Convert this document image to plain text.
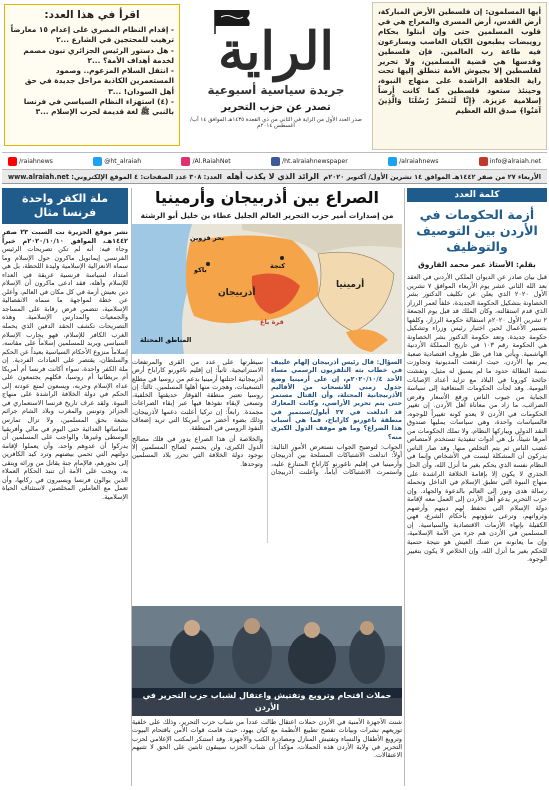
أيها المسلمون: إن فلسطين الأرض المباركة، أرض القدس، أرض المسرى والمعراج هي في قلوب المسلمين حتى وإن أبتلوا بحكام رويبضات يطبعون الكيان الغاصب ويسارعون فيه طاعة رب العالمين. فإن فلسطين وقدسها هي قضية المسلمين، ولا تحرير لفلسطين إلا بجيوش الأمة تنطلق إليها تحت راية الخلافة الراشدة على منهاج النبوة، وحينئذ ستعود فلسطين كما كانت أرضاً إسلامية عزيزة. ﴿إِنَّا لَنَنصُرُ رُسُلَنَا وَالَّذِينَ آمَنُوا﴾ صدق الله العظيم

الراية
جريدة سياسية أسبوعية
تصدر عن حزب التحرير
صدر العدد الأول من الراية في الثاني من ذي القعدة ١٤٣٥هـ الموافق ١٤ آب/أغسطس ٢٠١٤م
اقرأ في هذا العدد:
- إقدام النظام المصري على إعدام ١٥ معارضاً ترهيب للمحتجين في الشارع ...٢
- هل دستور الرئيس الجزائري تبون مصمم لخدمة أهداف الأمة؟ ...٢
- انتقل السلام المزعوم.. وصمود المستعمرين الكاذبة مراحل جديدة في حق أهل السودان! ...٣
- (٤) استهزاء النظام السياسي في فرنسا بالنبي ﷺ لغة قديمة لحرب الإسلام ...٣
info@alraiah.net
/alraiahnews
/ht.alraiahnewspaper
/Al.RaiahNet
@ht_alraiah
/raiahnews
الأربعاء ٢٧ من صفر ١٤٤٢هـ الموافق ١٤ تشرين الأول/ أكتوبر ٢٠٢٠م
الرائد الذي لا يكذب أهله
العدد: ٣٠٨ عدد الصفحات: ٤ الموقع الإلكتروني: www.alraiah.net
كلمة العدد
أزمة الحكومات في الأردن بين التوصيف والتوظيف
بقلم: الأستاذ عمر محمد الفاروق
قبل بيان صادر عن الديوان الملكي الأردني في العقد بعد الله الثاني عشر يوم الأربعاء الموافق ٧ تشرين الأول ٢٠٢٠ الذي يعلن عن تكليف الدكتور بشر الخصاونة بتشكيل الحكومة الجديدة، خلفاً لعمر الرزاز الذي قدم استقالته، وكان الملك قد قبل يوم الجمعة ٢ تشرين الأول ٢٠٢٠م استقالة حكومة الرزاز، وكلفها بتسيير الأعمال لحين اختيار رئيس وزراء وتشكيل حكومة جديدة. وتعد حكومة الدكتور بشر الخصاونة هي الحكومة رقم ١٠٣ في تاريخ المملكة الأردنية الهاشمية. ويأتي هذا في ظل ظروف اقتصادية صعبة يمر بها الأردن، حيث ارتفعت المديونية وتجاوزت نسبة البطالة حدود ما لم يسبق له مثيل، وتفشت جائحة كورونا في البلاد مع تزايد أعداد الإصابات اليومية. وقد لجأت الحكومات المتعاقبة إلى سياسة الجباية من جيوب الناس ورفع الأسعار وفرض الضرائب، ما زاد من معاناة أهل الأردن. إن تغيير الحكومات في الأردن لا يعدو كونه تغييراً للوجوه، فالسياسات واحدة، وهي سياسات يمليها صندوق النقد الدولي ويباركها النظام، ولا تملك الحكومات من أمرها شيئاً، بل هي أدوات تنفيذية تستخدم لامتصاص غضب الناس ثم يتم التخلص منها. وقد صار الناس يدركون أن المشكلة ليست في الأشخاص وإنما في النظام نفسه الذي يحكم بغير ما أنزل الله، وأن الحل الجذري لا يكون إلا بإقامة الخلافة الراشدة على منهاج النبوة التي تطبق الإسلام في الداخل وتحمله رسالة هدى ونور إلى العالم بالدعوة والجهاد. وإن حزب التحرير يدعو أهل الأردن إلى العمل معه لإقامة دولة الإسلام التي تحفظ لهم دينهم وأرضهم وثرواتهم، وترعى شؤونهم بأحكام الشرع، فهي الكفيلة بإنهاء الأزمات الاقتصادية والسياسية. إن المسلمين في الأردن هم جزء من الأمة الإسلامية، وإن ما يعانونه من ضنك العيش هو نتيجة حتمية للحكم بغير ما أنزل الله، وإن الخلاص لا يكون بتغيير الوجوه.
الصراع بين أذربيجان وأرمينيا
من إصدارات أمير حزب التحرير العالم الجليل عطاء بن خليل أبو الرشتة
بحر قزوين
باكو	كنجة
أذربيجان
أرمينيا
قرة باغ
المناطق المحتلة

السؤال: قال رئيس أذربيجان إلهام علييف في خطاب بثه التلفزيون الرسمي مساء الأحد ٢٠٢٠/١٠/٤م، إن على أرمينيا وضع جدول زمني للانسحاب من الأقاليم الأذربيجانية المحتلة، وأن القتال مستمر حتى يتم تحرير الأراضي، وكانت المعارك قد اندلعت في ٢٧ أيلول/سبتمبر في منطقة ناغورنو كاراباخ، فما هي أسباب هذا الصراع؟ وما هو موقف الدول الكبرى منه؟

الجواب: لتوضيح الجواب نستعرض الأمور التالية: أولاً: اندلعت الاشتباكات المسلحة بين أذربيجان وأرمينيا في إقليم ناغورنو كاراباخ المتنازع عليه، واستمرت الاشتباكات أياماً، وأعلنت أذربيجان سيطرتها على عدد من القرى والمرتفعات الاستراتيجية. ثانياً: إن إقليم ناغورنو كاراباخ أرض أذربيجانية احتلتها أرمينيا بدعم من روسيا في مطلع التسعينات، وهجرت منها أهلها المسلمين. ثالثاً: إن روسيا تعتبر منطقة القوقاز حديقتها الخلفية، وتسعى لإبقاء نفوذها فيها عبر إبقاء الصراعات مجمدة. رابعاً: إن تركيا أعلنت دعمها لأذربيجان، وذلك بضوء أخضر من أمريكا التي تريد إضعاف النفوذ الروسي في المنطقة.

والخلاصة أن هذا الصراع يدور في فلك مصالح الدول الكبرى، ولن يحسم لصالح المسلمين إلا بوجود دولة الخلافة التي تحرر بلاد المسلمين وتوحدها.

حملات اقتحام وترويع وتفتيش واعتقال لشباب حزب التحرير في الأردن

شنت الأجهزة الأمنية في الأردن حملات اعتقال طالت عدداً من شباب حزب التحرير، وذلك على خلفية توزيعهم نشرات وبيانات تفضح تطبيع الأنظمة مع كيان يهود، حيث قامت قوات الأمن باقتحام البيوت وترويع الأطفال والنساء وتفتيش المنازل ومصادرة الكتب والأجهزة. وقد استنكر المكتب الإعلامي لحزب التحرير في ولاية الأردن هذه الحملات، مؤكداً أن شباب الحزب سيبقون ثابتين على الحق لا تثنيهم الاعتقالات.

ملة الكفر واحدة
فرنسا مثال
نشر موقع الجزيرة نت السبت ٢٣ صفر ١٤٤٢هـ، الموافق ٢٠٢٠/١٠/١٠م خبراً وجاء فيه: أنه لم تكن تصريحات الرئيس الفرنسي إيمانويل ماكرون حول الإسلام وما سماه الانعزالية الإسلامية وليدة اللحظة، بل هي امتداد لسياسة فرنسية عريقة في العداء للإسلام وأهله، فقد ادعى ماكرون أن الإسلام دين يعيش أزمة في كل مكان في العالم، وأعلن عن خطة لمواجهة ما سماه الانفصالية الإسلامية، تتضمن فرض رقابة على المساجد والجمعيات والمدارس الإسلامية. وهذه التصريحات تكشف الحقد الدفين الذي يحمله الغرب الكافر للإسلام، فهو يحارب الإسلام السياسي ويريد للمسلمين إسلاماً على مقاسه، إسلاماً منزوع الأحكام السياسية بعيداً عن الحكم والسلطان، يقتصر على العبادات الفردية. إن ملة الكفر واحدة، سواء أكانت فرنسا أم أمريكا أم بريطانيا أم روسيا، فكلهم يجتمعون على عداء الإسلام وحربه، ويسعون لمنع عودته إلى الحكم في دولة الخلافة الراشدة على منهاج النبوة. ولقد عرف تاريخ فرنسا الاستعماري في الجزائر وتونس والمغرب وبلاد الشام جرائم بشعة بحق المسلمين، ولا تزال تمارس سياساتها العدائية حتى اليوم في مالي وأفريقيا الوسطى وغيرها. والواجب على المسلمين أن يدركوا أن عدوهم واحد، وأن يعملوا لإقامة دولتهم التي تحمي بيضتهم وترد كيد الكافرين إلى نحورهم، فالإمام جنة يقاتل من ورائه ويتقى به. ويجب على الأمة أن تنبذ الحكام العملاء الذين يوالون فرنسا ويسيرون في ركابها، وأن تعمل مع العاملين المخلصين لاستئناف الحياة الإسلامية.
